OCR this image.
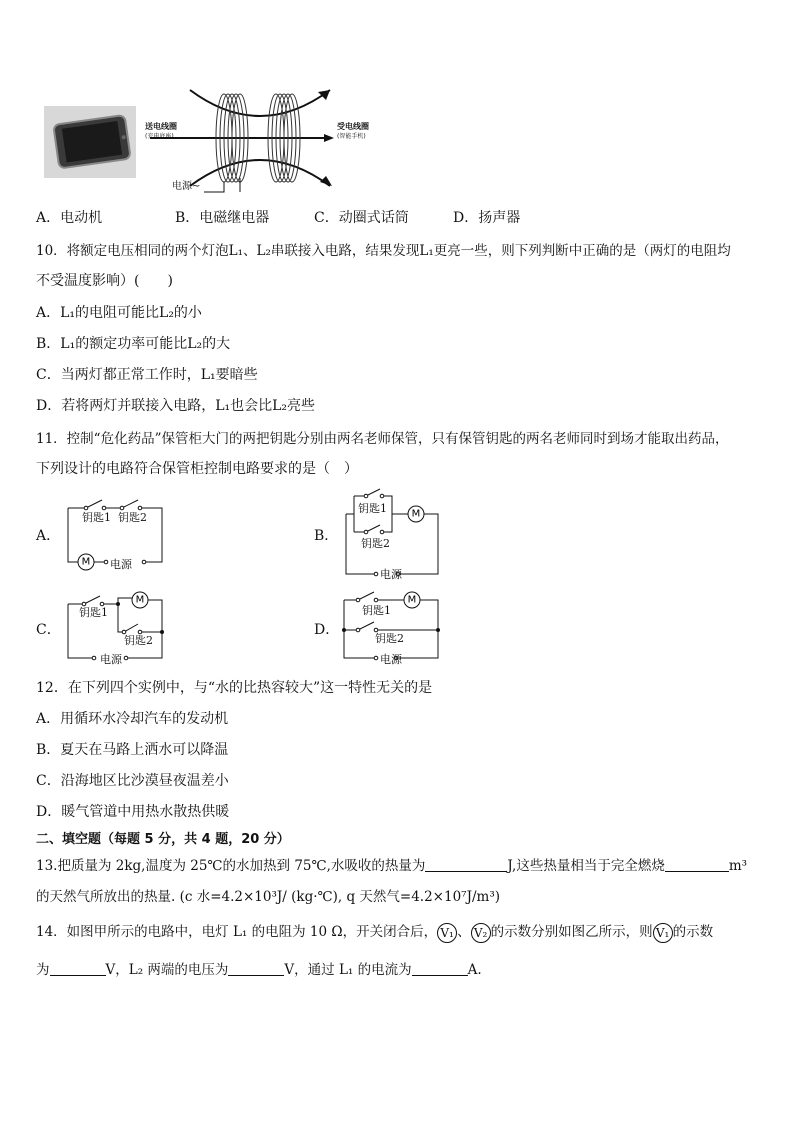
送电线圈
(充电底座)
受电线圈
(智能手机)
电源~
A．电动机	B．电磁继电器	C．动圈式话筒	D．扬声器
10．将额定电压相同的两个灯泡L₁、L₂串联接入电路，结果发现L₁更亮一些，则下列判断中正确的是（两灯的电阻均
不受温度影响）(　　)
A．L₁的电阻可能比L₂的小
B．L₁的额定功率可能比L₂的大
C．当两灯都正常工作时，L₁要暗些
D．若将两灯并联接入电路，L₁也会比L₂亮些
11．控制“危化药品”保管柜大门的两把钥匙分别由两名老师保管，只有保管钥匙的两名老师同时到场才能取出药品，
下列设计的电路符合保管柜控制电路要求的是（　）
A．	B．
C．	D．
M
钥匙1 钥匙2
电源
M
钥匙1
钥匙2
电源
M
钥匙1
钥匙2
电源
M
钥匙1
钥匙2
电源
12．在下列四个实例中，与“水的比热容较大”这一特性无关的是
A．用循环水冷却汽车的发动机
B．夏天在马路上洒水可以降温
C．沿海地区比沙漠昼夜温差小
D．暖气管道中用热水散热供暖
二、填空题（每题 5 分，共 4 题，20 分）
13.把质量为 2kg,温度为 25℃的水加热到 75℃,水吸收的热量为	J,这些热量相当于完全燃烧	m³
的天然气所放出的热量. (c 水=4.2×10³J/ (kg·℃), q 天然气=4.2×10⁷J/m³)
14．如图甲所示的电路中，电灯 L₁ 的电阻为 10 Ω，开关闭合后， V₁ 、 V₂ 的示数分别如图乙所示，则 V₁ 的示数
为	V，L₂ 两端的电压为	V，通过 L₁ 的电流为	A.
